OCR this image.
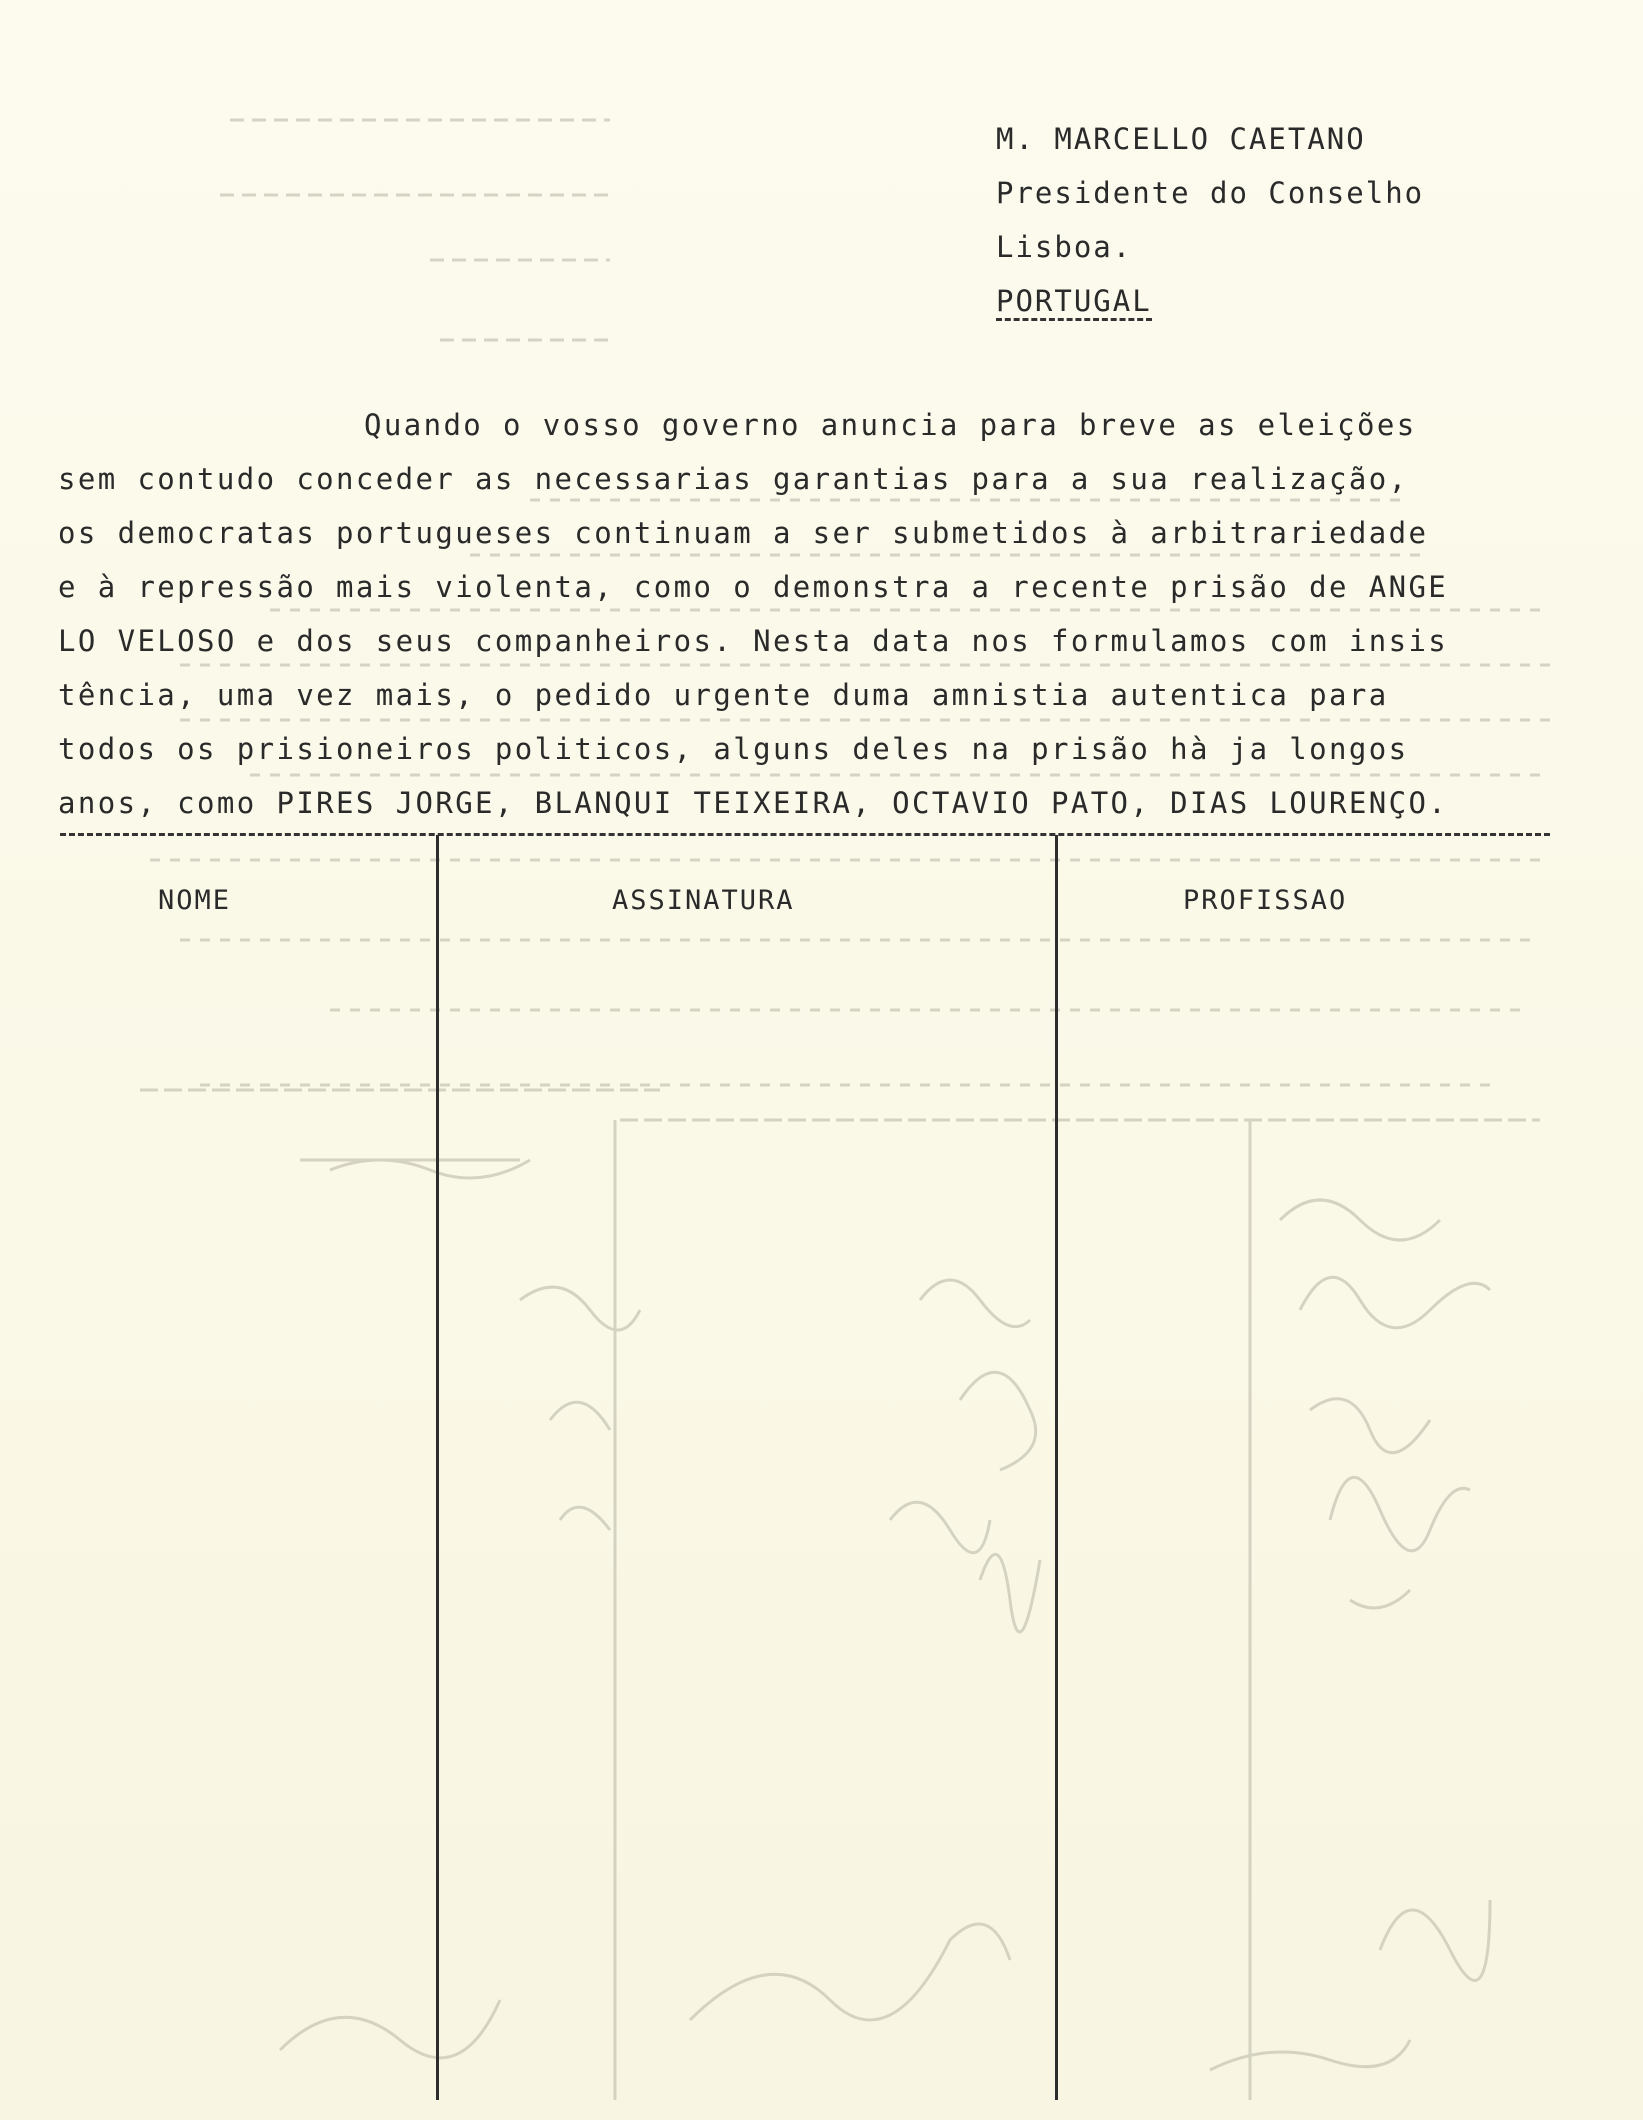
M. MARCELLO CAETANO
Presidente do Conselho
Lisboa.
PORTUGAL
Quando o vosso governo anuncia para breve as eleições
sem contudo conceder as necessarias garantias para a sua realização,
os democratas portugueses continuam a ser submetidos à arbitrariedade
e à repressão mais violenta, como o demonstra a recente prisão de ANGE
LO VELOSO e dos seus companheiros. Nesta data nos formulamos com insis
tência, uma vez mais, o pedido urgente duma amnistia autentica para
todos os prisioneiros politicos, alguns deles na prisão hà ja longos
anos, como PIRES JORGE, BLANQUI TEIXEIRA, OCTAVIO PATO, DIAS LOURENÇO.
NOME	ASSINATURA	PROFISSAO
